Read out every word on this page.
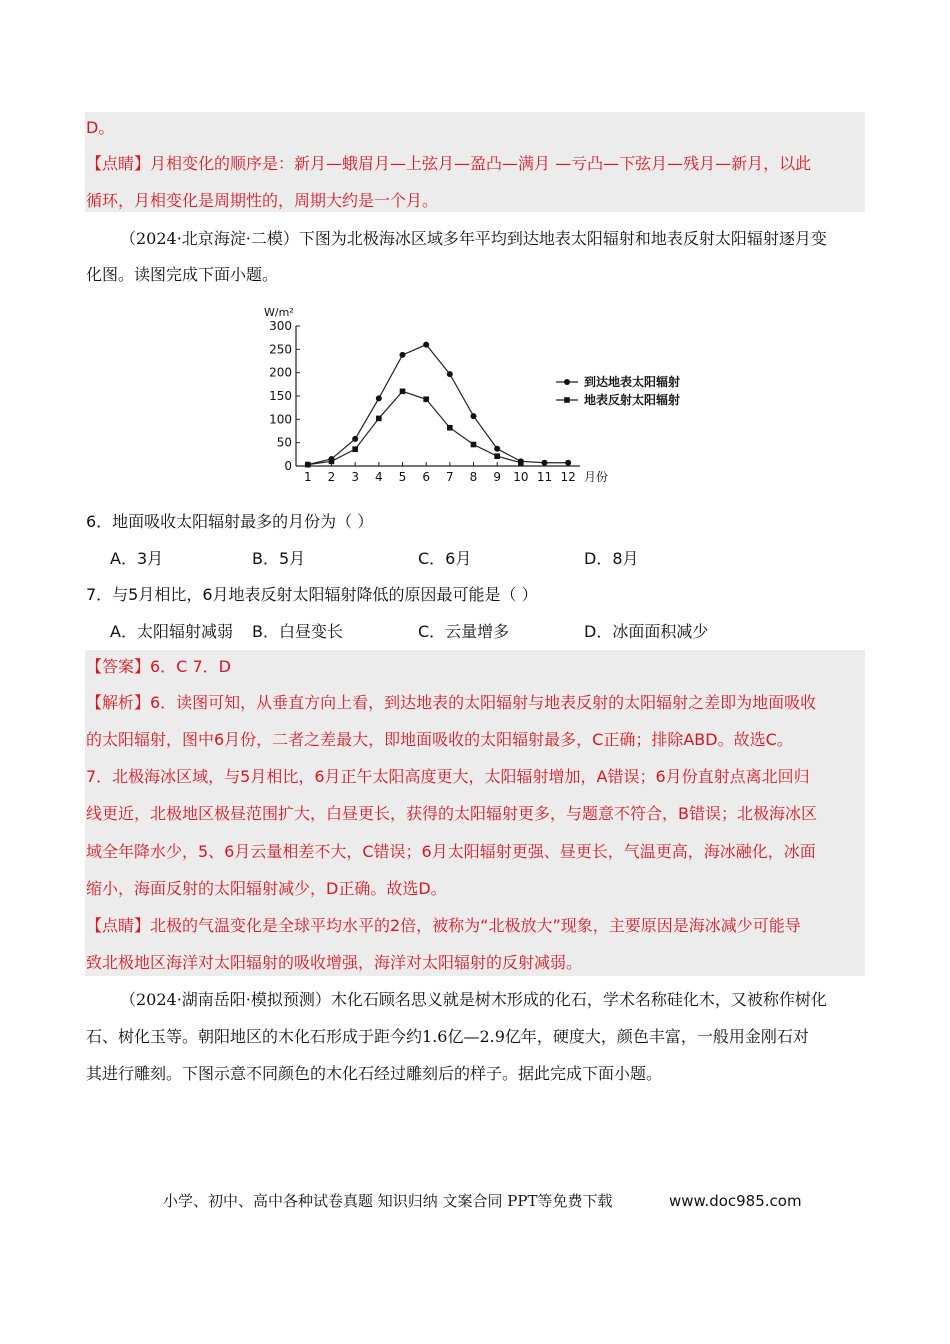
D。
【点睛】月相变化的顺序是：新月—蛾眉月—上弦月—盈凸—满月 —亏凸—下弦月—残月—新月，以此
循环，月相变化是周期性的，周期大约是一个月。
（2024·北京海淀·二模）下图为北极海冰区域多年平均到达地表太阳辐射和地表反射太阳辐射逐月变
化图。读图完成下面小题。
0
50
100
150
200
250
300
W/m²
1 2 3 4 5 6 7 8 9 10 11 12 月份
到达地表太阳辐射
地表反射太阳辐射
6．地面吸收太阳辐射最多的月份为（ ）
A．3月	B．5月	C．6月	D．8月
7．与5月相比，6月地表反射太阳辐射降低的原因最可能是（ ）
A．太阳辐射减弱 B．白昼变长	C．云量增多	D．冰面面积减少
【答案】6．C 7．D
【解析】6．读图可知，从垂直方向上看，到达地表的太阳辐射与地表反射的太阳辐射之差即为地面吸收
的太阳辐射，图中6月份，二者之差最大，即地面吸收的太阳辐射最多，C正确；排除ABD。故选C。
7．北极海冰区域，与5月相比，6月正午太阳高度更大，太阳辐射增加，A错误；6月份直射点离北回归
线更近，北极地区极昼范围扩大，白昼更长，获得的太阳辐射更多，与题意不符合，B错误；北极海冰区
域全年降水少，5、6月云量相差不大，C错误；6月太阳辐射更强、昼更长，气温更高，海冰融化，冰面
缩小，海面反射的太阳辐射减少，D正确。故选D。
【点睛】北极的气温变化是全球平均水平的2倍，被称为“北极放大”现象，主要原因是海冰减少可能导
致北极地区海洋对太阳辐射的吸收增强，海洋对太阳辐射的反射减弱。
（2024·湖南岳阳·模拟预测）木化石顾名思义就是树木形成的化石，学术名称硅化木，又被称作树化
石、树化玉等。朝阳地区的木化石形成于距今约1.6亿—2.9亿年，硬度大，颜色丰富，一般用金刚石对
其进行雕刻。下图示意不同颜色的木化石经过雕刻后的样子。据此完成下面小题。
小学、初中、高中各种试卷真题 知识归纳 文案合同 PPT等免费下载	www.doc985.com
